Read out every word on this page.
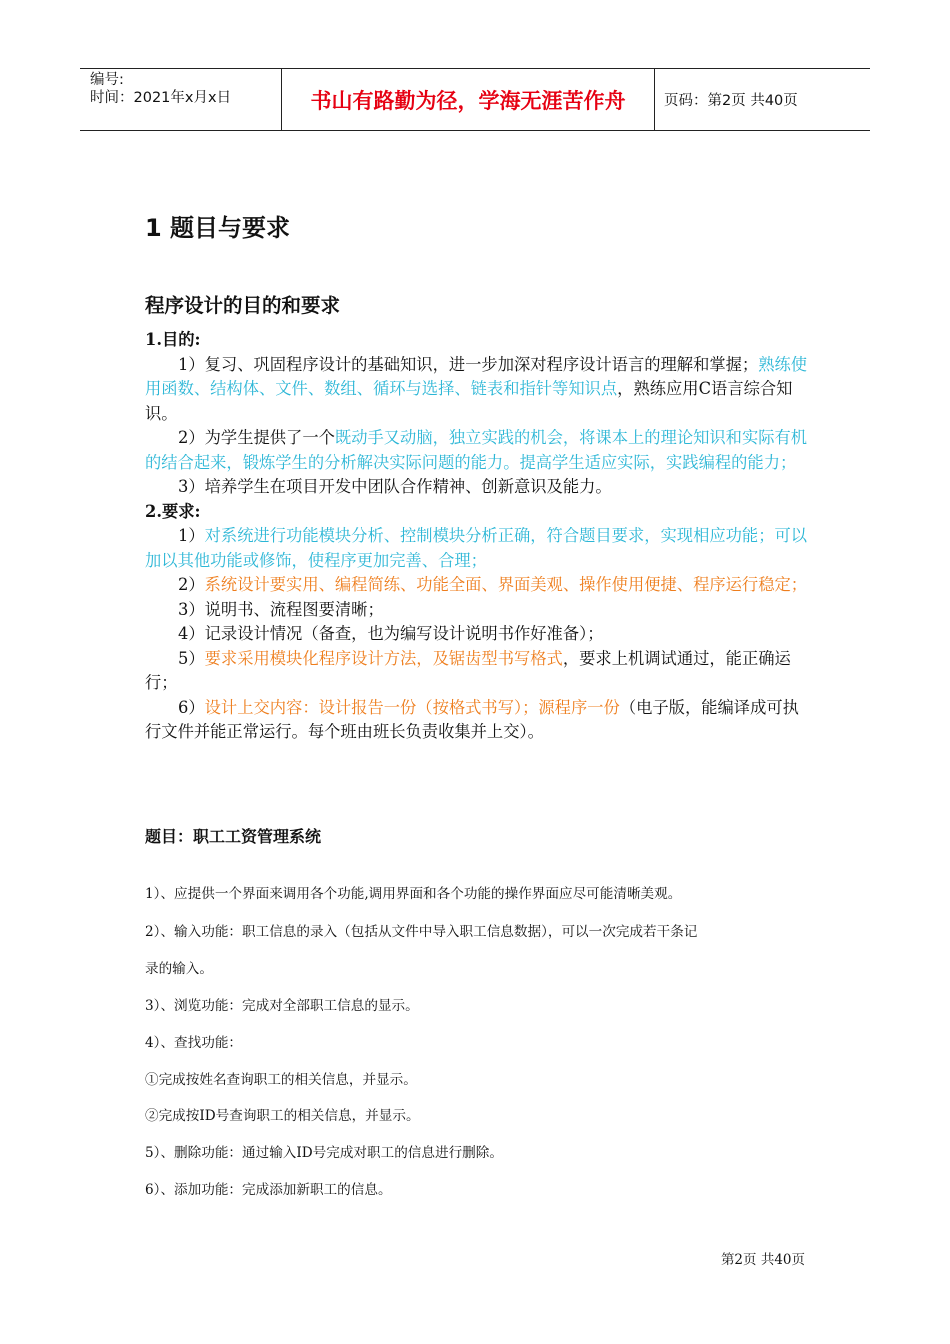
编号:
时间：2021年x月x日	书山有路勤为径，学海无涯苦作舟	页码：第2页 共40页
1 题目与要求
程序设计的目的和要求

1.目的:

1）复习、巩固程序设计的基础知识，进一步加深对程序设计语言的理解和掌握；熟练使用函数、结构体、文件、数组、循环与选择、链表和指针等知识点，熟练应用C语言综合知识。

2）为学生提供了一个既动手又动脑，独立实践的机会，将课本上的理论知识和实际有机的结合起来，锻炼学生的分析解决实际问题的能力。提高学生适应实际，实践编程的能力；

3）培养学生在项目开发中团队合作精神、创新意识及能力。

2.要求:

1）对系统进行功能模块分析、控制模块分析正确，符合题目要求，实现相应功能；可以加以其他功能或修饰，使程序更加完善、合理；

2）系统设计要实用、编程简练、功能全面、界面美观、操作使用便捷、程序运行稳定；

3）说明书、流程图要清晰；

4）记录设计情况（备查，也为编写设计说明书作好准备）；

5）要求采用模块化程序设计方法，及锯齿型书写格式，要求上机调试通过，能正确运行；

6）设计上交内容：设计报告一份（按格式书写）；源程序一份（电子版，能编译成可执行文件并能正常运行。每个班由班长负责收集并上交）。

题目：职工工资管理系统

1）、应提供一个界面来调用各个功能,调用界面和各个功能的操作界面应尽可能清晰美观。

2）、输入功能：职工信息的录入（包括从文件中导入职工信息数据），可以一次完成若干条记

录的输入。

3）、浏览功能：完成对全部职工信息的显示。

4）、查找功能：

①完成按姓名查询职工的相关信息，并显示。

②完成按ID号查询职工的相关信息，并显示。

5）、删除功能：通过输入ID号完成对职工的信息进行删除。

6）、添加功能：完成添加新职工的信息。

第2页 共40页
